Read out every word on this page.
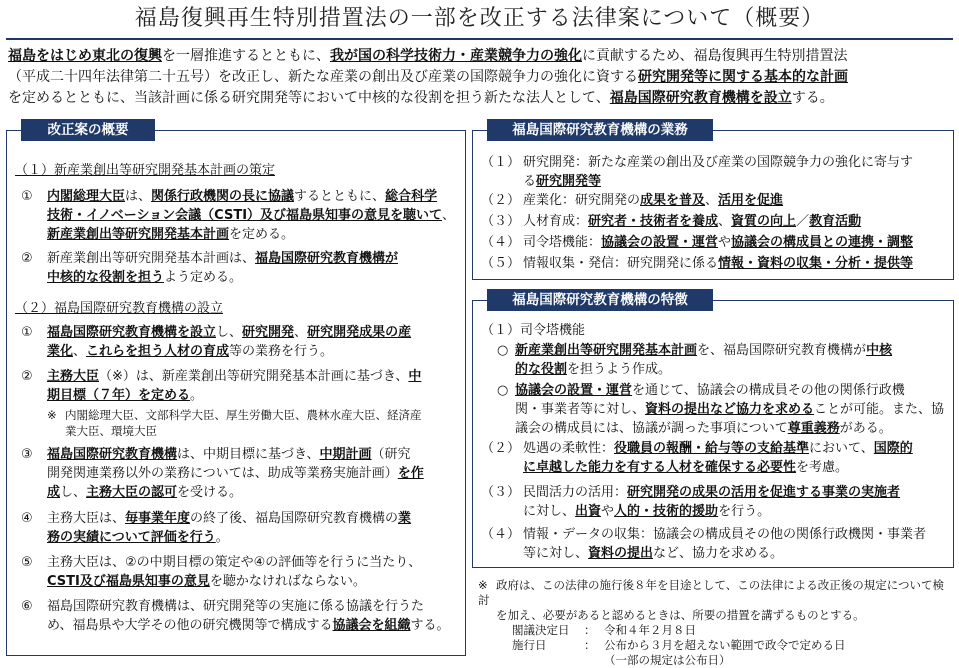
福島復興再生特別措置法の一部を改正する法律案について（概要）
福島をはじめ東北の復興を一層推進するとともに、我が国の科学技術力・産業競争力の強化に貢献するため、福島復興再生特別措置法
（平成二十四年法律第二十五号）を改正し、新たな産業の創出及び産業の国際競争力の強化に資する研究開発等に関する基本的な計画
を定めるとともに、当該計画に係る研究開発等において中核的な役割を担う新たな法人として、福島国際研究教育機構を設立する。
改正案の概要
（１）新産業創出等研究開発基本計画の策定
① 内閣総理大臣は、関係行政機関の長に協議するとともに、総合科学
技術・イノベーション会議（CSTI）及び福島県知事の意見を聴いて、
新産業創出等研究開発基本計画を定める。
② 新産業創出等研究開発基本計画は、福島国際研究教育機構が
中核的な役割を担うよう定める。
（２）福島国際研究教育機構の設立
① 福島国際研究教育機構を設立し、研究開発、研究開発成果の産
業化、これらを担う人材の育成等の業務を行う。
② 主務大臣（※）は、新産業創出等研究開発基本計画に基づき、中
期目標（７年）を定める。
※ 内閣総理大臣、文部科学大臣、厚生労働大臣、農林水産大臣、経済産
業大臣、環境大臣
③ 福島国際研究教育機構は、中期目標に基づき、中期計画（研究
開発関連業務以外の業務については、助成等業務実施計画）を作
成し、主務大臣の認可を受ける。
④ 主務大臣は、毎事業年度の終了後、福島国際研究教育機構の業
務の実績について評価を行う。
⑤ 主務大臣は、②の中期目標の策定や④の評価等を行うに当たり、
CSTI及び福島県知事の意見を聴かなければならない。
⑥ 福島国際研究教育機構は、研究開発等の実施に係る協議を行うた
め、福島県や大学その他の研究機関等で構成する協議会を組織する。
福島国際研究教育機構の業務
（１） 研究開発：新たな産業の創出及び産業の国際競争力の強化に寄与す
る研究開発等
（２） 産業化：研究開発の成果を普及、活用を促進
（３） 人材育成：研究者・技術者を養成、資質の向上／教育活動
（４） 司令塔機能：協議会の設置・運営や協議会の構成員との連携・調整
（５） 情報収集・発信：研究開発に係る情報・資料の収集・分析・提供等
福島国際研究教育機構の特徴
（１）司令塔機能
○ 新産業創出等研究開発基本計画を、福島国際研究教育機構が中核
的な役割を担うよう作成。
○ 協議会の設置・運営を通じて、協議会の構成員その他の関係行政機
関・事業者等に対し、資料の提出など協力を求めることが可能。また、協
議会の構成員には、協議が調った事項について尊重義務がある。
（２） 処遇の柔軟性：役職員の報酬・給与等の支給基準において、国際的
に卓越した能力を有する人材を確保する必要性を考慮。
（３） 民間活力の活用：研究開発の成果の活用を促進する事業の実施者
に対し、出資や人的・技術的援助を行う。
（４） 情報・データの収集：協議会の構成員その他の関係行政機関・事業者
等に対し、資料の提出など、協力を求める。
※ 政府は、この法律の施行後８年を目途として、この法律による改正後の規定について検討
を加え、必要があると認めるときは、所要の措置を講ずるものとする。
閣議決定日 ： 令和４年２月８日
施行日	： 公布から３月を超えない範囲で政令で定める日
（一部の規定は公布日）
